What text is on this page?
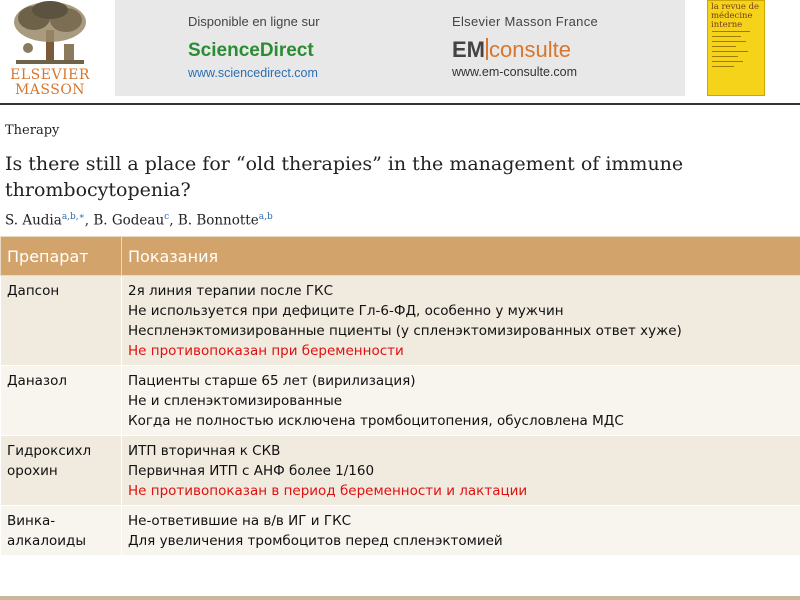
ELSEVIER
MASSON
Disponible en ligne sur
ScienceDirect
www.sciencedirect.com
Elsevier Masson France
EM consulte
www.em-consulte.com
la revue de
médecine interne
Therapy
Is there still a place for “old therapies” in the management of immune thrombocytopenia?
S. Audia$^{a,b,∗}$, B. Godeau$^c$, B. Bonnotte$^{a,b}$
Препарат	Показания
Дапсон	2я линия терапии после ГКС
Не используется при дефиците Гл-6-ФД, особенно у мужчин
Неспленэктомизированные пциенты (у спленэктомизированных ответ хуже)
Не противопоказан при беременности

Даназол	Пациенты старше 65 лет (вирилизация)
Не и спленэктомизированные
Когда не полностью исключена тромбоцитопения, обусловлена МДС

Гидроксихл
орохин	ИТП вторичная к СКВ
Первичная ИТП с АНФ более 1/160
Не противопоказан в период беременности и лактации

Винка-
алкалоиды	Не-ответившие на в/в ИГ и ГКС
Для увеличения тромбоцитов перед спленэктомией
